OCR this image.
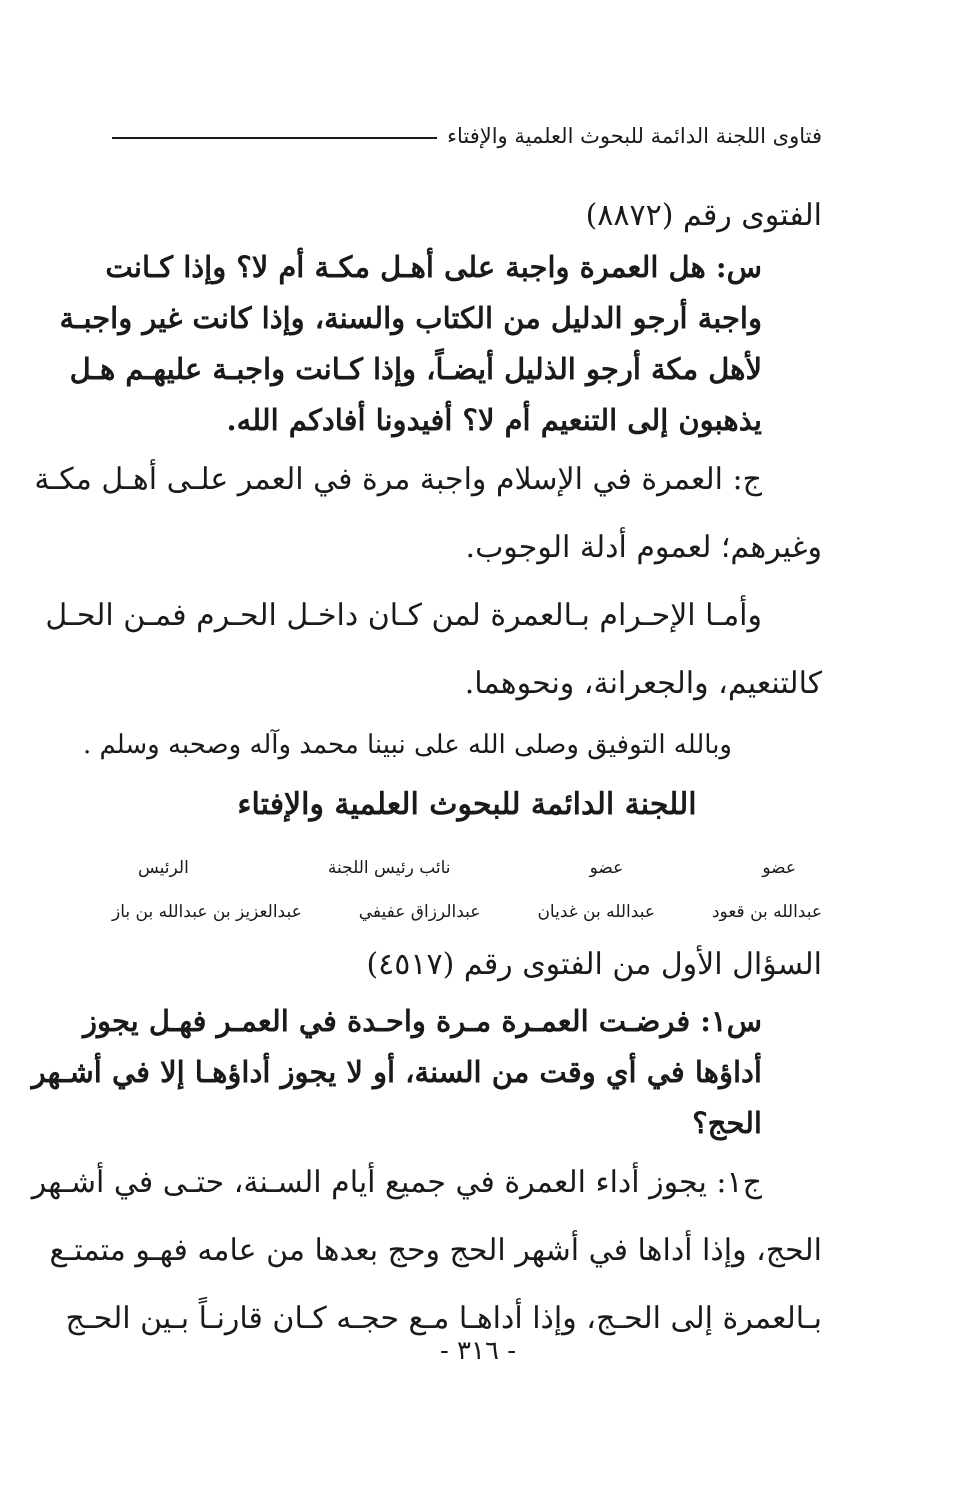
فتاوى اللجنة الدائمة للبحوث العلمية والإفتاء

الفتوى رقم (٨٨٧٢)

س: هل العمرة واجبة على أهـل مكـة أم لا؟ وإذا كـانت

واجبة أرجو الدليل من الكتاب والسنة، وإذا كانت غير واجبـة

لأهل مكة أرجو الذليل أيضـاً، وإذا كـانت واجبـة عليهـم هـل

يذهبون إلى التنعيم أم لا؟ أفيدونا أفادكم الله.

ج: العمرة في الإسلام واجبة مرة في العمر علـى أهـل مكـة

وغيرهم؛ لعموم أدلة الوجوب.

وأمـا الإحـرام بـالعمرة لمن كـان داخـل الحـرم فمـن الحـل

كالتنعيم، والجعرانة، ونحوهما.

وبالله التوفيق وصلى الله على نبينا محمد وآله وصحبه وسلم .

اللجنة الدائمة للبحوث العلمية والإفتاء

عضو
عضو
نائب رئيس اللجنة
الرئيس
عبدالله بن قعود
عبدالله بن غديان
عبدالرزاق عفيفي
عبدالعزيز بن عبدالله بن باز

السؤال الأول من الفتوى رقم (٤٥١٧)

س١: فرضـت العمـرة مـرة واحـدة في العمـر فهـل يجوز

أداؤها في أي وقت من السنة، أو لا يجوز أداؤهـا إلا في أشـهر

الحج؟

ج١: يجوز أداء العمرة في جميع أيام السـنة، حتـى في أشـهر

الحج، وإذا أداها في أشهر الحج وحج بعدها من عامه فهـو متمتـع

بـالعمرة إلى الحـج، وإذا أداهـا مـع حجـه كـان قارنـاً بـين الحـج

- ٣١٦ -
